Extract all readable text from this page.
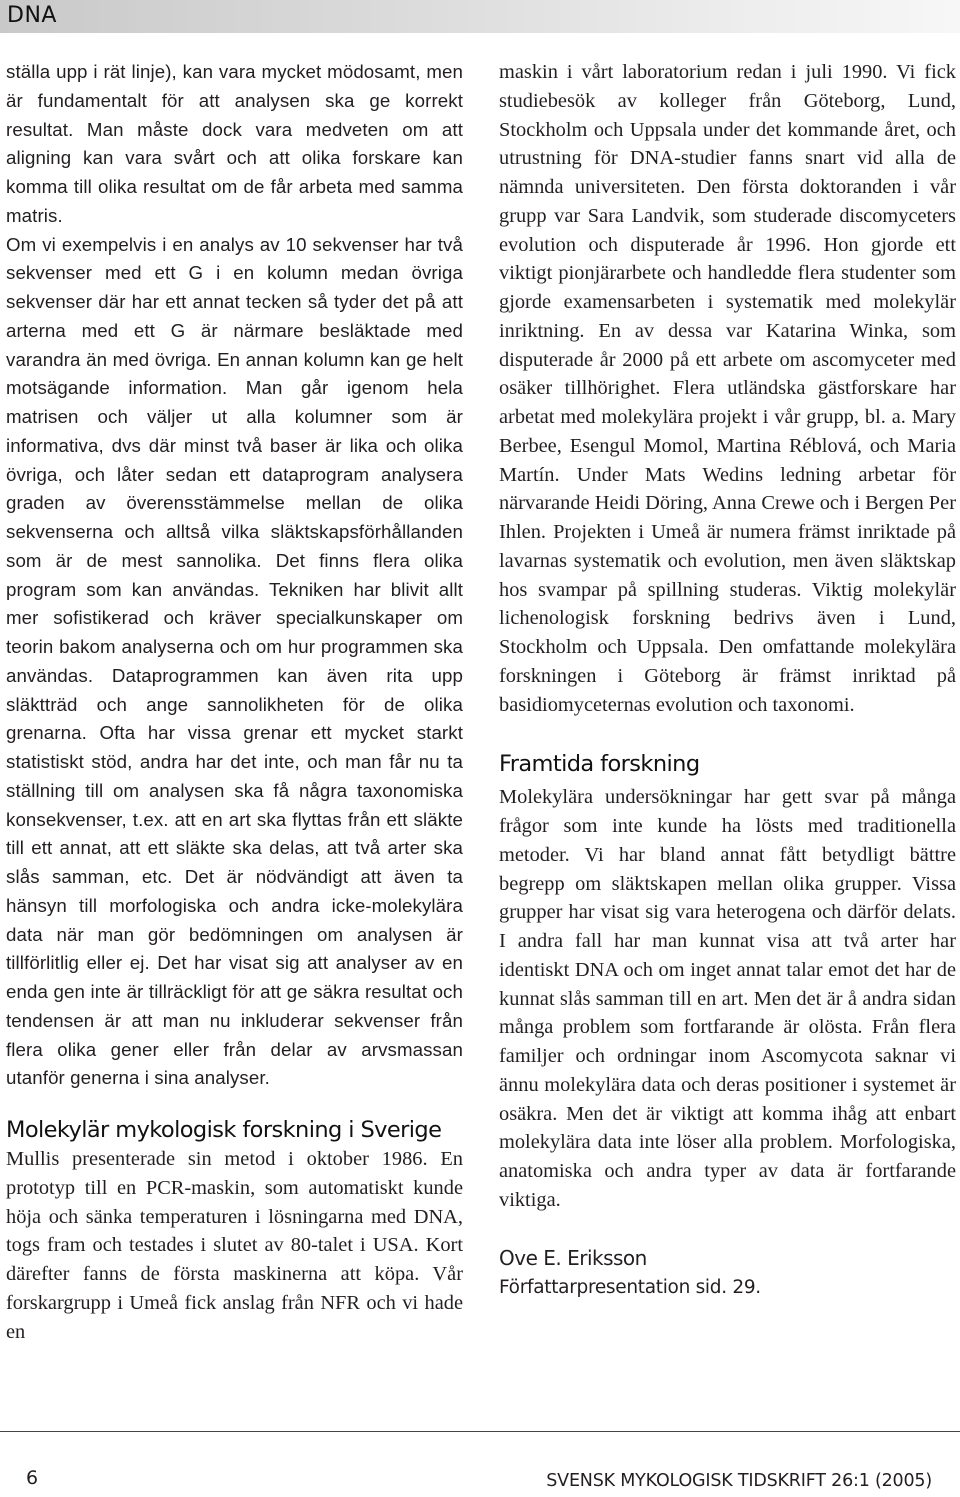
DNA

ställa upp i rät linje), kan vara mycket mödosamt, men är fundamentalt för att analysen ska ge korrekt resultat. Man måste dock vara medveten om att aligning kan vara svårt och att olika forskare kan komma till olika resultat om de får arbeta med samma matris.

Om vi exempelvis i en analys av 10 sekvenser har två sekvenser med ett G i en kolumn medan övriga sekvenser där har ett annat tecken så tyder det på att arterna med ett G är närmare besläktade med varandra än med övriga. En annan kolumn kan ge helt motsägande information. Man går igenom hela matrisen och väljer ut alla kolumner som är informativa, dvs där minst två baser är lika och olika övriga, och låter sedan ett dataprogram analysera graden av överensstämmelse mellan de olika sekvenserna och alltså vilka släktskapsförhållanden som är de mest sannolika. Det finns flera olika program som kan användas. Tekniken har blivit allt mer sofistikerad och kräver specialkunskaper om teorin bakom analyserna och om hur programmen ska användas. Dataprogrammen kan även rita upp släktträd och ange sannolikheten för de olika grenarna. Ofta har vissa grenar ett mycket starkt statistiskt stöd, andra har det inte, och man får nu ta ställning till om analysen ska få några taxonomiska konsekvenser, t.ex. att en art ska flyttas från ett släkte till ett annat, att ett släkte ska delas, att två arter ska slås samman, etc. Det är nödvändigt att även ta hänsyn till morfologiska och andra icke-molekylära data när man gör bedömningen om analysen är tillförlitlig eller ej. Det har visat sig att analyser av en enda gen inte är tillräckligt för att ge säkra resultat och tendensen är att man nu inkluderar sekvenser från flera olika gener eller från delar av arvsmassan utanför generna i sina analyser.

Molekylär mykologisk forskning i Sverige

Mullis presenterade sin metod i oktober 1986. En prototyp till en PCR-maskin, som automatiskt kunde höja och sänka temperaturen i lösningarna med DNA, togs fram och testades i slutet av 80-talet i USA. Kort därefter fanns de första maskinerna att köpa. Vår forskargrupp i Umeå fick anslag från NFR och vi hade en

maskin i vårt laboratorium redan i juli 1990. Vi fick studiebesök av kolleger från Göteborg, Lund, Stockholm och Uppsala under det kommande året, och utrustning för DNA-studier fanns snart vid alla de nämnda universiteten. Den första doktoranden i vår grupp var Sara Landvik, som studerade discomyceters evolution och disputerade år 1996. Hon gjorde ett viktigt pionjärarbete och handledde flera studenter som gjorde examensarbeten i systematik med molekylär inriktning. En av dessa var Katarina Winka, som disputerade år 2000 på ett arbete om ascomyceter med osäker tillhörighet. Flera utländska gästforskare har arbetat med molekylära projekt i vår grupp, bl. a. Mary Berbee, Esengul Momol, Martina Réblová, och Maria Martín. Under Mats Wedins ledning arbetar för närvarande Heidi Döring, Anna Crewe och i Bergen Per Ihlen. Projekten i Umeå är numera främst inriktade på lavarnas systematik och evolution, men även släktskap hos svampar på spillning studeras. Viktig molekylär lichenologisk forskning bedrivs även i Lund, Stockholm och Uppsala. Den omfattande molekylära forskningen i Göteborg är främst inriktad på basidiomyceternas evolution och taxonomi.

Framtida forskning

Molekylära undersökningar har gett svar på många frågor som inte kunde ha lösts med traditionella metoder. Vi har bland annat fått betydligt bättre begrepp om släktskapen mellan olika grupper. Vissa grupper har visat sig vara heterogena och därför delats. I andra fall har man kunnat visa att två arter har identiskt DNA och om inget annat talar emot det har de kunnat slås samman till en art. Men det är å andra sidan många problem som fortfarande är olösta. Från flera familjer och ordningar inom Ascomycota saknar vi ännu molekylära data och deras positioner i systemet är osäkra. Men det är viktigt att komma ihåg att enbart molekylära data inte löser alla problem. Morfologiska, anatomiska och andra typer av data är fortfarande viktiga.

Ove E. Eriksson
Författarpresentation sid. 29.
6	SVENSK MYKOLOGISK TIDSKRIFT 26:1 (2005)
